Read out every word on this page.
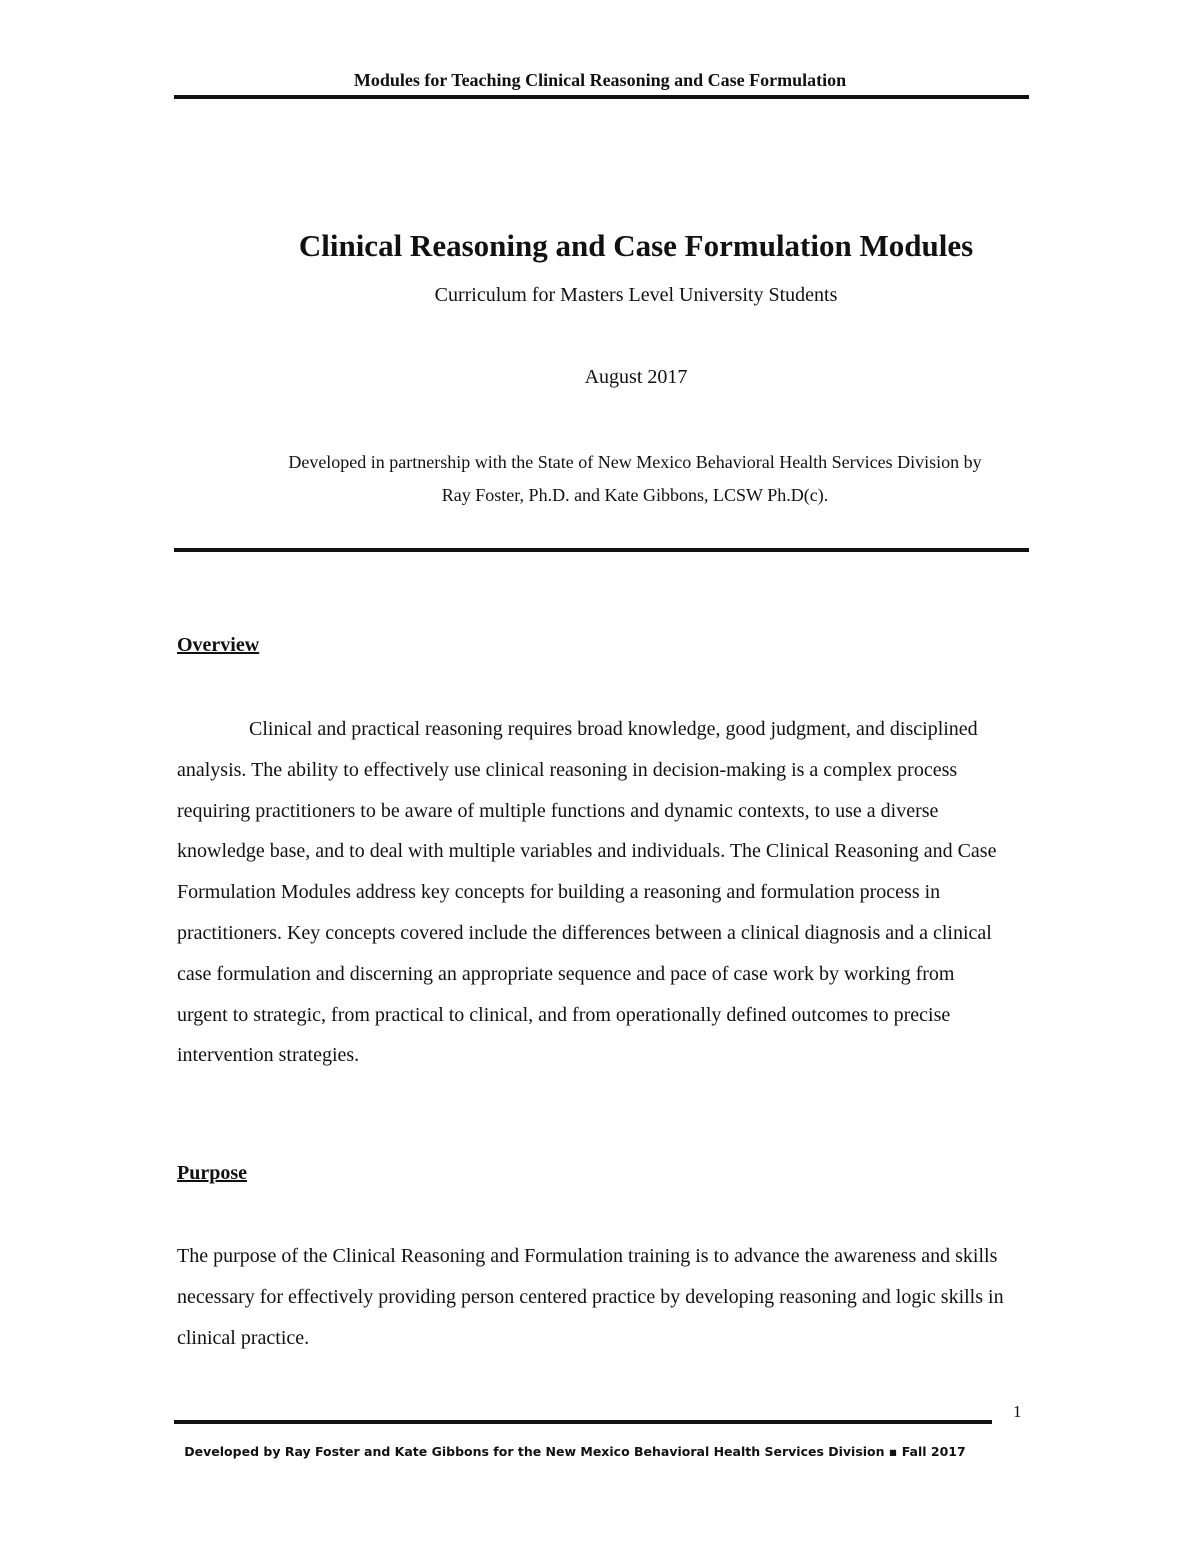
Modules for Teaching Clinical Reasoning and Case Formulation
Clinical Reasoning and Case Formulation Modules
Curriculum for Masters Level University Students
August 2017
Developed in partnership with the State of New Mexico Behavioral Health Services Division by
Ray Foster, Ph.D. and Kate Gibbons, LCSW Ph.D(c).
Overview
Clinical and practical reasoning requires broad knowledge, good judgment, and disciplined analysis. The ability to effectively use clinical reasoning in decision-making is a complex process requiring practitioners to be aware of multiple functions and dynamic contexts, to use a diverse knowledge base, and to deal with multiple variables and individuals. The Clinical Reasoning and Case Formulation Modules address key concepts for building a reasoning and formulation process in practitioners. Key concepts covered include the differences between a clinical diagnosis and a clinical case formulation and discerning an appropriate sequence and pace of case work by working from urgent to strategic, from practical to clinical, and from operationally defined outcomes to precise intervention strategies.
Purpose
The purpose of the Clinical Reasoning and Formulation training is to advance the awareness and skills necessary for effectively providing person centered practice by developing reasoning and logic skills in clinical practice.
1
Developed by Ray Foster and Kate Gibbons for the New Mexico Behavioral Health Services Division ▪ Fall 2017
